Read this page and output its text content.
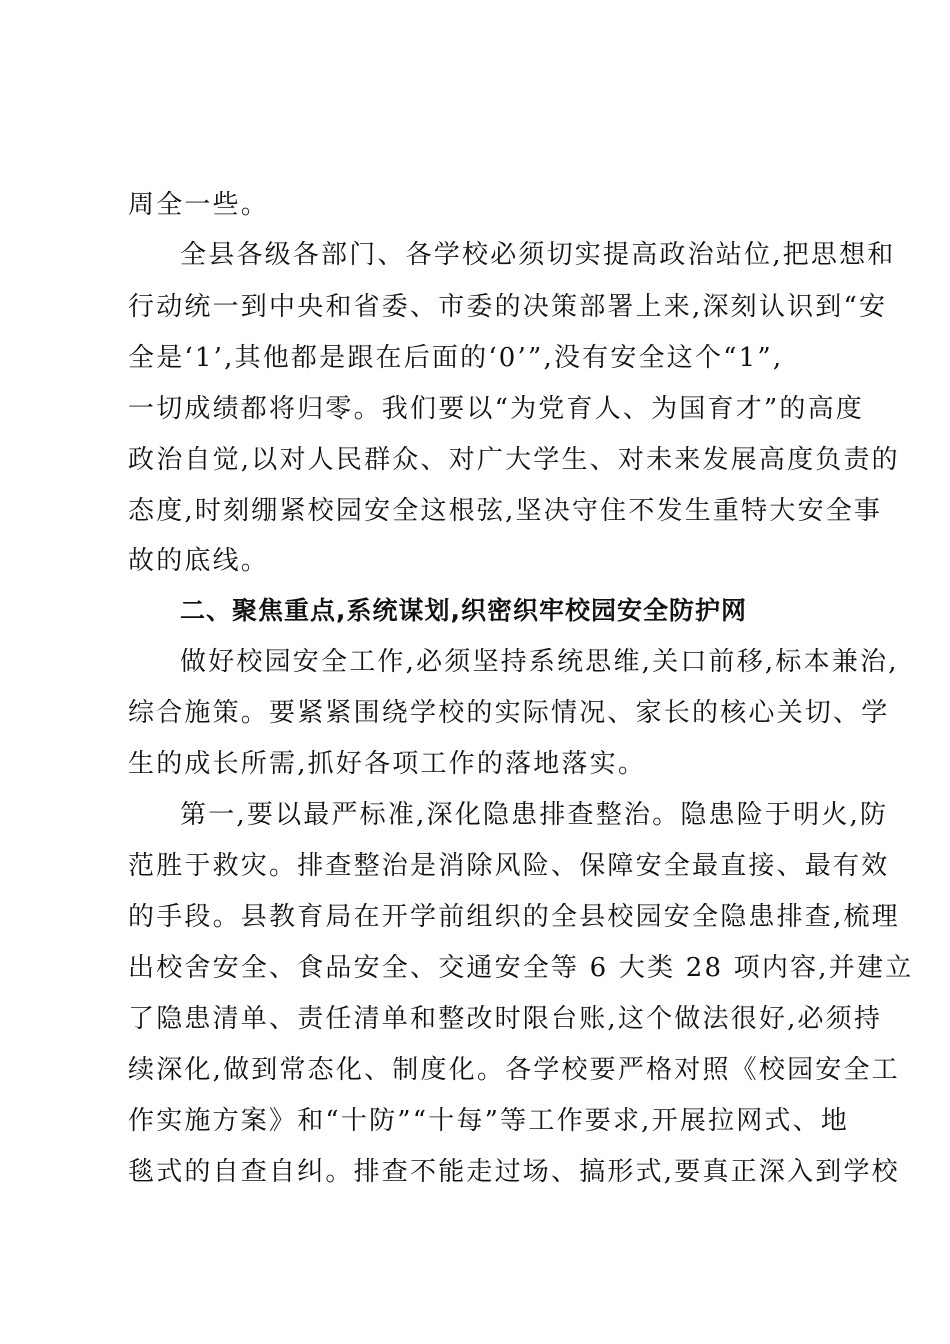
周全一些。
全县各级各部门、各学校必须切实提高政治站位,把思想和
行动统一到中央和省委、市委的决策部署上来,深刻认识到“安
全是‘1’,其他都是跟在后面的‘0’”,没有安全这个“1”,
一切成绩都将归零。我们要以“为党育人、为国育才”的高度
政治自觉,以对人民群众、对广大学生、对未来发展高度负责的
态度,时刻绷紧校园安全这根弦,坚决守住不发生重特大安全事
故的底线。
二、聚焦重点,系统谋划,织密织牢校园安全防护网
做好校园安全工作,必须坚持系统思维,关口前移,标本兼治,
综合施策。要紧紧围绕学校的实际情况、家长的核心关切、学
生的成长所需,抓好各项工作的落地落实。
第一,要以最严标准,深化隐患排查整治。隐患险于明火,防
范胜于救灾。排查整治是消除风险、保障安全最直接、最有效
的手段。县教育局在开学前组织的全县校园安全隐患排查,梳理
出校舍安全、食品安全、交通安全等 6 大类 28 项内容,并建立
了隐患清单、责任清单和整改时限台账,这个做法很好,必须持
续深化,做到常态化、制度化。各学校要严格对照《校园安全工
作实施方案》和“十防”“十每”等工作要求,开展拉网式、地
毯式的自查自纠。排查不能走过场、搞形式,要真正深入到学校
